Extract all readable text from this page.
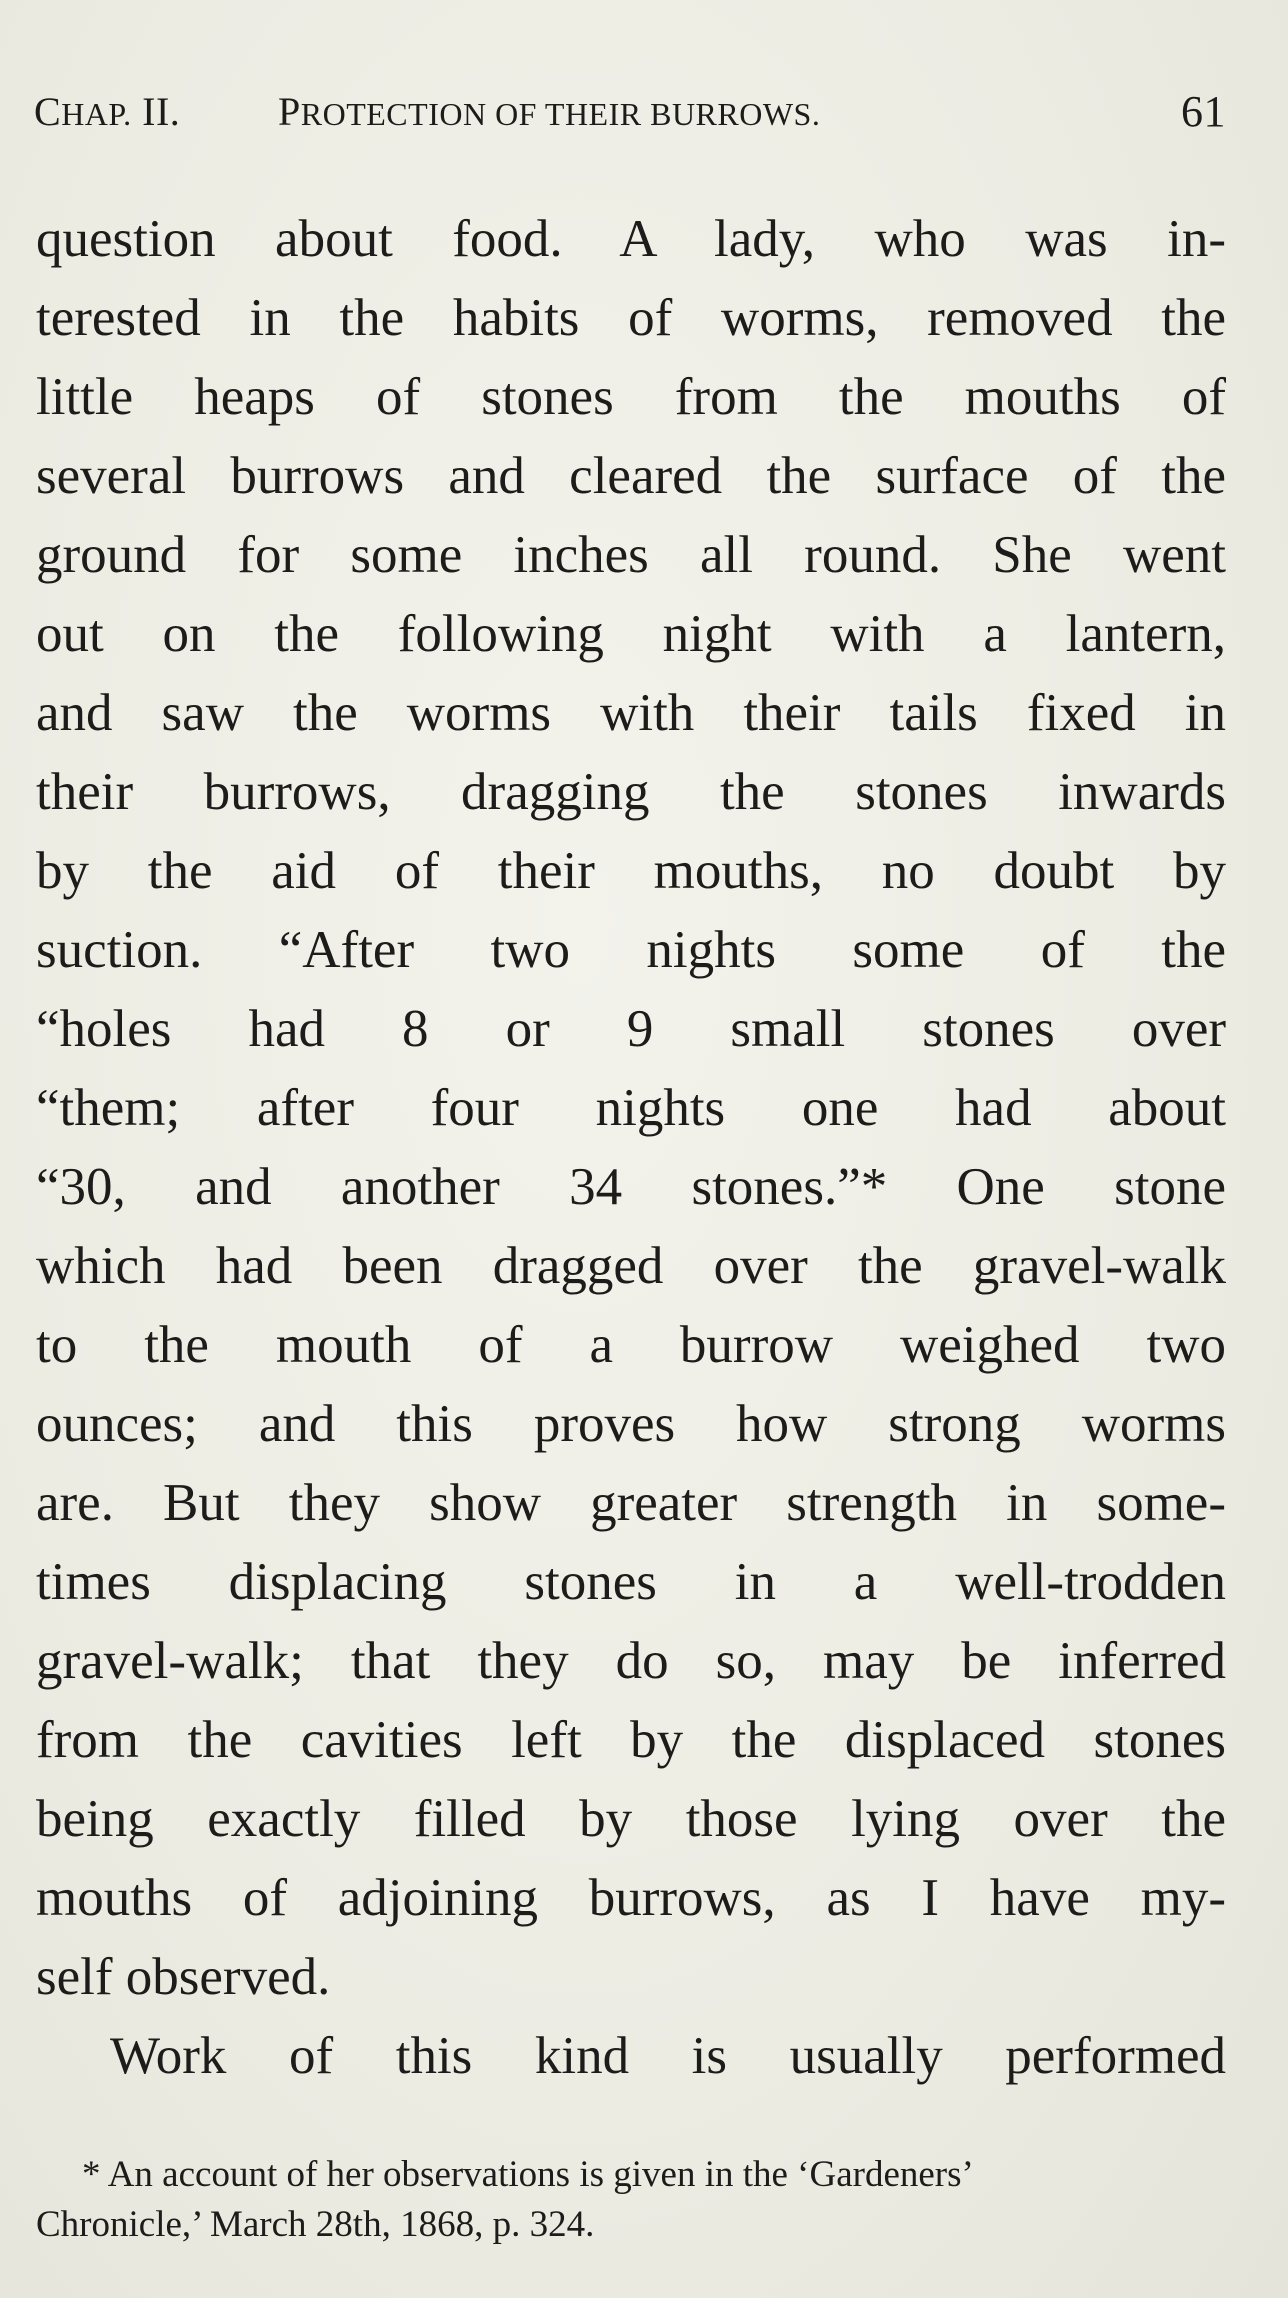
CHAP. II. PROTECTION OF THEIR BURROWS.	61
question about food. A lady, who was in-
terested in the habits of worms, removed the
little heaps of stones from the mouths of
several burrows and cleared the surface of the
ground for some inches all round. She went
out on the following night with a lantern,
and saw the worms with their tails fixed in
their burrows, dragging the stones inwards
by the aid of their mouths, no doubt by
suction. “After two nights some of the
“holes had 8 or 9 small stones over
“them; after four nights one had about
“30, and another 34 stones.”* One stone
which had been dragged over the gravel-walk
to the mouth of a burrow weighed two
ounces; and this proves how strong worms
are. But they show greater strength in some-
times displacing stones in a well-trodden
gravel-walk; that they do so, may be inferred
from the cavities left by the displaced stones
being exactly filled by those lying over the
mouths of adjoining burrows, as I have my-
self observed.
Work of this kind is usually performed
* An account of her observations is given in the ‘Gardeners’
Chronicle,’ March 28th, 1868, p. 324.
